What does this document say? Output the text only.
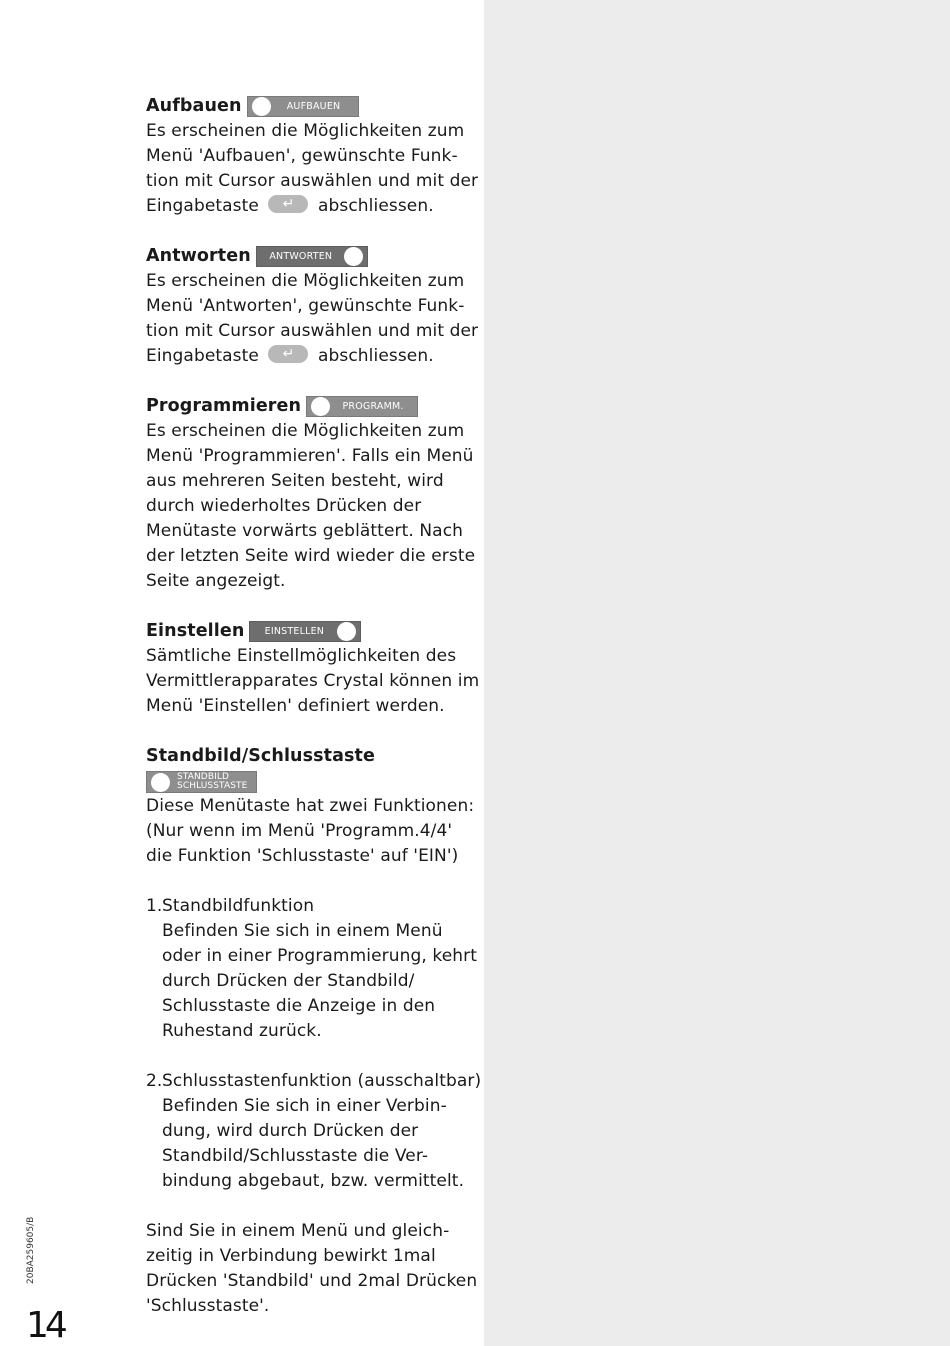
Aufbauen	AUFBAUEN
Es erscheinen die Möglichkeiten zum
Menü 'Aufbauen', gewünschte Funk-
tion mit Cursor auswählen und mit der
Eingabetaste ↵ abschliessen.
Antworten	ANTWORTEN
Es erscheinen die Möglichkeiten zum
Menü 'Antworten', gewünschte Funk-
tion mit Cursor auswählen und mit der
Eingabetaste ↵ abschliessen.
Programmieren	PROGRAMM.
Es erscheinen die Möglichkeiten zum
Menü 'Programmieren'. Falls ein Menü
aus mehreren Seiten besteht, wird
durch wiederholtes Drücken der
Menütaste vorwärts geblättert. Nach
der letzten Seite wird wieder die erste
Seite angezeigt.
Einstellen	EINSTELLEN
Sämtliche Einstellmöglichkeiten des
Vermittlerapparates Crystal können im
Menü 'Einstellen' definiert werden.
Standbild/Schlusstaste
STANDBILD
SCHLUSSTASTE
Diese Menütaste hat zwei Funktionen:
(Nur wenn im Menü 'Programm.4/4'
die Funktion 'Schlusstaste' auf 'EIN')
1. Standbildfunktion
Befinden Sie sich in einem Menü
oder in einer Programmierung, kehrt
durch Drücken der Standbild/
Schlusstaste die Anzeige in den
Ruhestand zurück.
2. Schlusstastenfunktion (ausschaltbar)
Befinden Sie sich in einer Verbin-
dung, wird durch Drücken der
Standbild/Schlusstaste die Ver-
bindung abgebaut, bzw. vermittelt.
Sind Sie in einem Menü und gleich-
zeitig in Verbindung bewirkt 1mal
Drücken 'Standbild' und 2mal Drücken
'Schlusstaste'.
20BA259605/B
14
